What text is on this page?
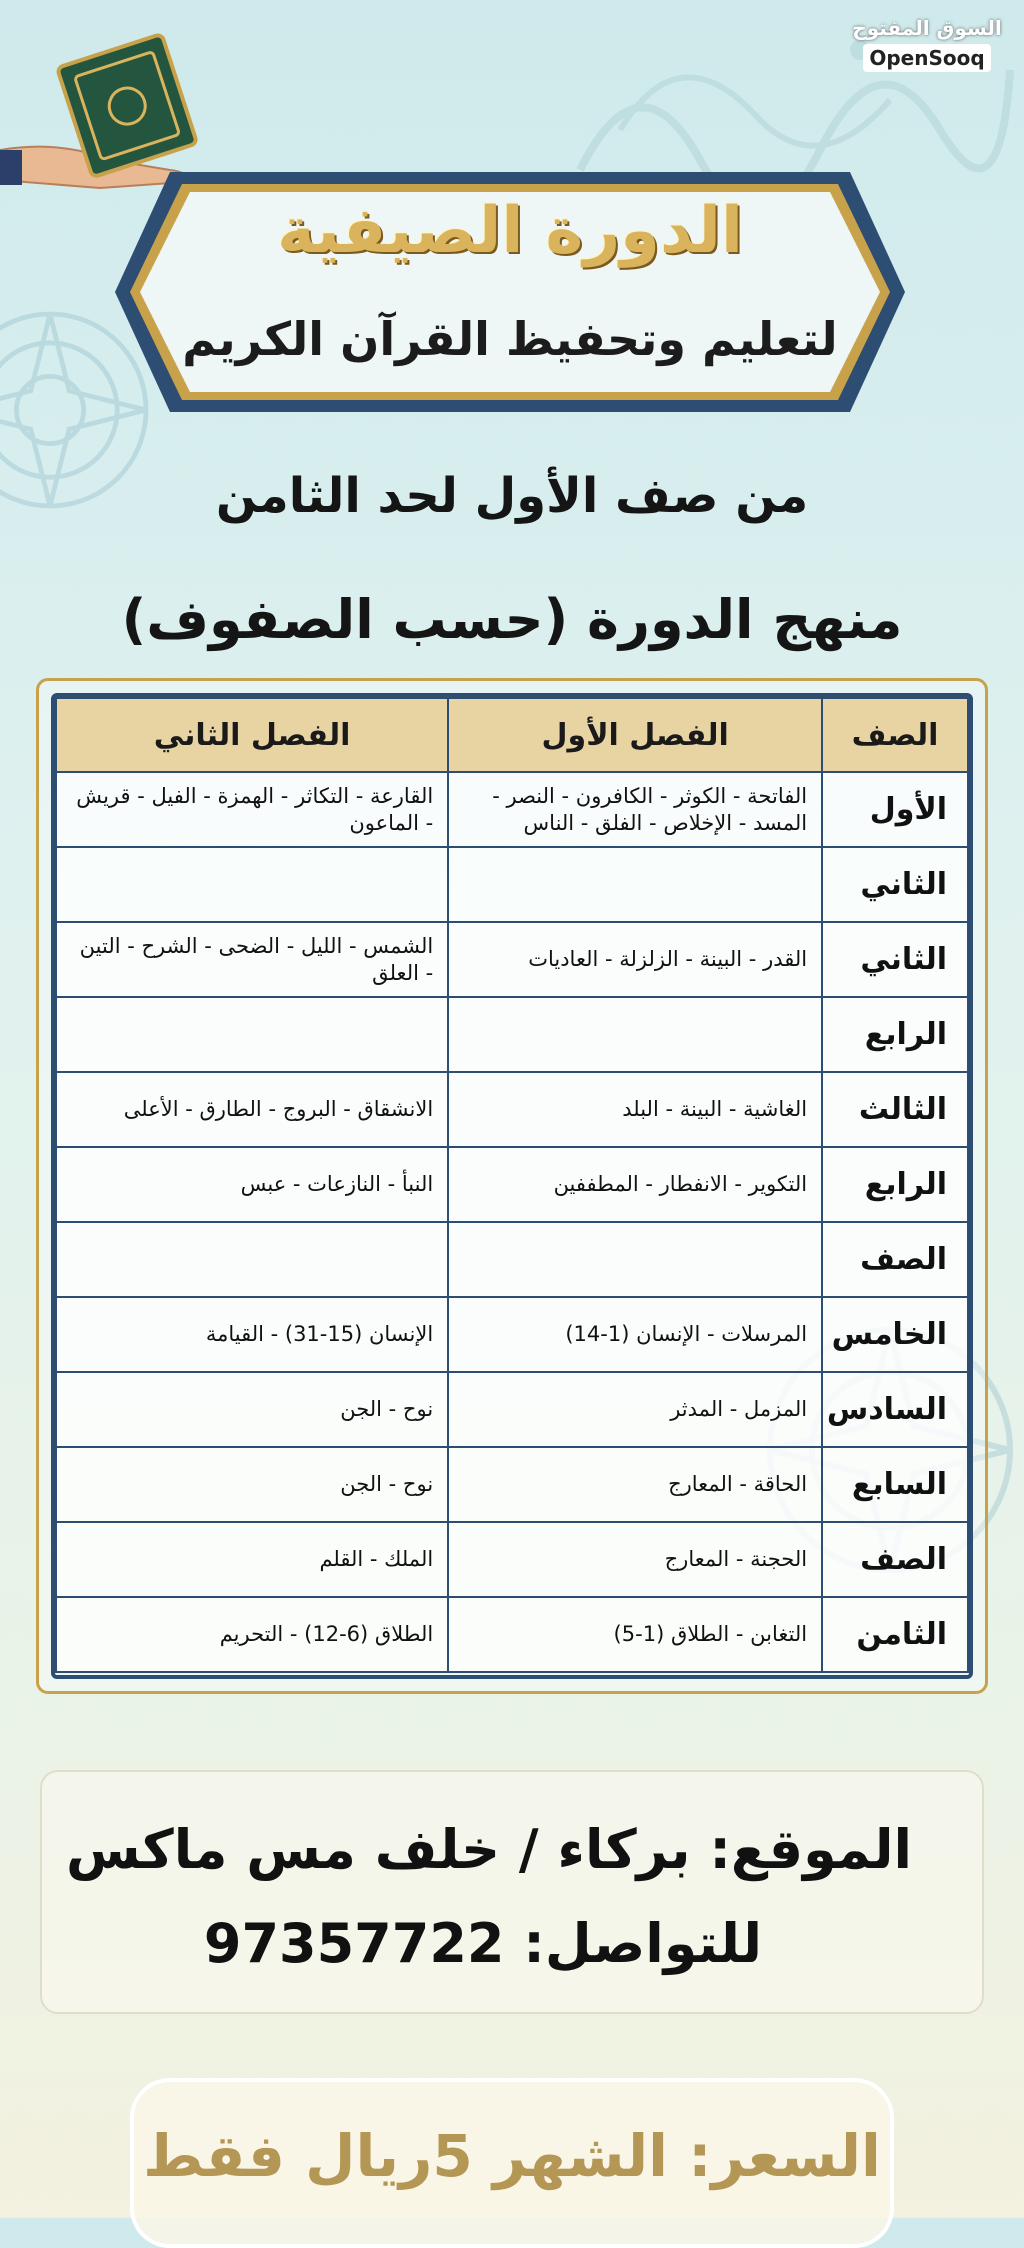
السوق المفتوح
OpenSooq
الدورة الصيفية
لتعليم وتحفيظ القرآن الكريم
من صف الأول لحد الثامن
منهج الدورة (حسب الصفوف)
الصف	الفصل الأول	الفصل الثاني
الأول	الفاتحة - الكوثر - الكافرون - النصر - المسد - الإخلاص - الفلق - الناس	القارعة - التكاثر - الهمزة - الفيل - قريش - الماعون
الثاني		
الثاني	القدر - البينة - الزلزلة - العاديات	الشمس - الليل - الضحى - الشرح - التين - العلق
الرابع		
الثالث	الغاشية - البينة - البلد	الانشقاق - البروج - الطارق - الأعلى
الرابع	التكوير - الانفطار - المطففين	النبأ - النازعات - عبس
الصف		
الخامس	المرسلات - الإنسان (1-14)	الإنسان (15-31) - القيامة
السادس	المزمل - المدثر	نوح - الجن
السابع	الحاقة - المعارج	نوح - الجن
الصف	الحجنة - المعارج	الملك - القلم
الثامن	التغابن - الطلاق (1-5)	الطلاق (6-12) - التحريم
الموقع: بركاء / خلف مس ماكس
للتواصل: 97357722
السعر: الشهر 5ريال فقط
